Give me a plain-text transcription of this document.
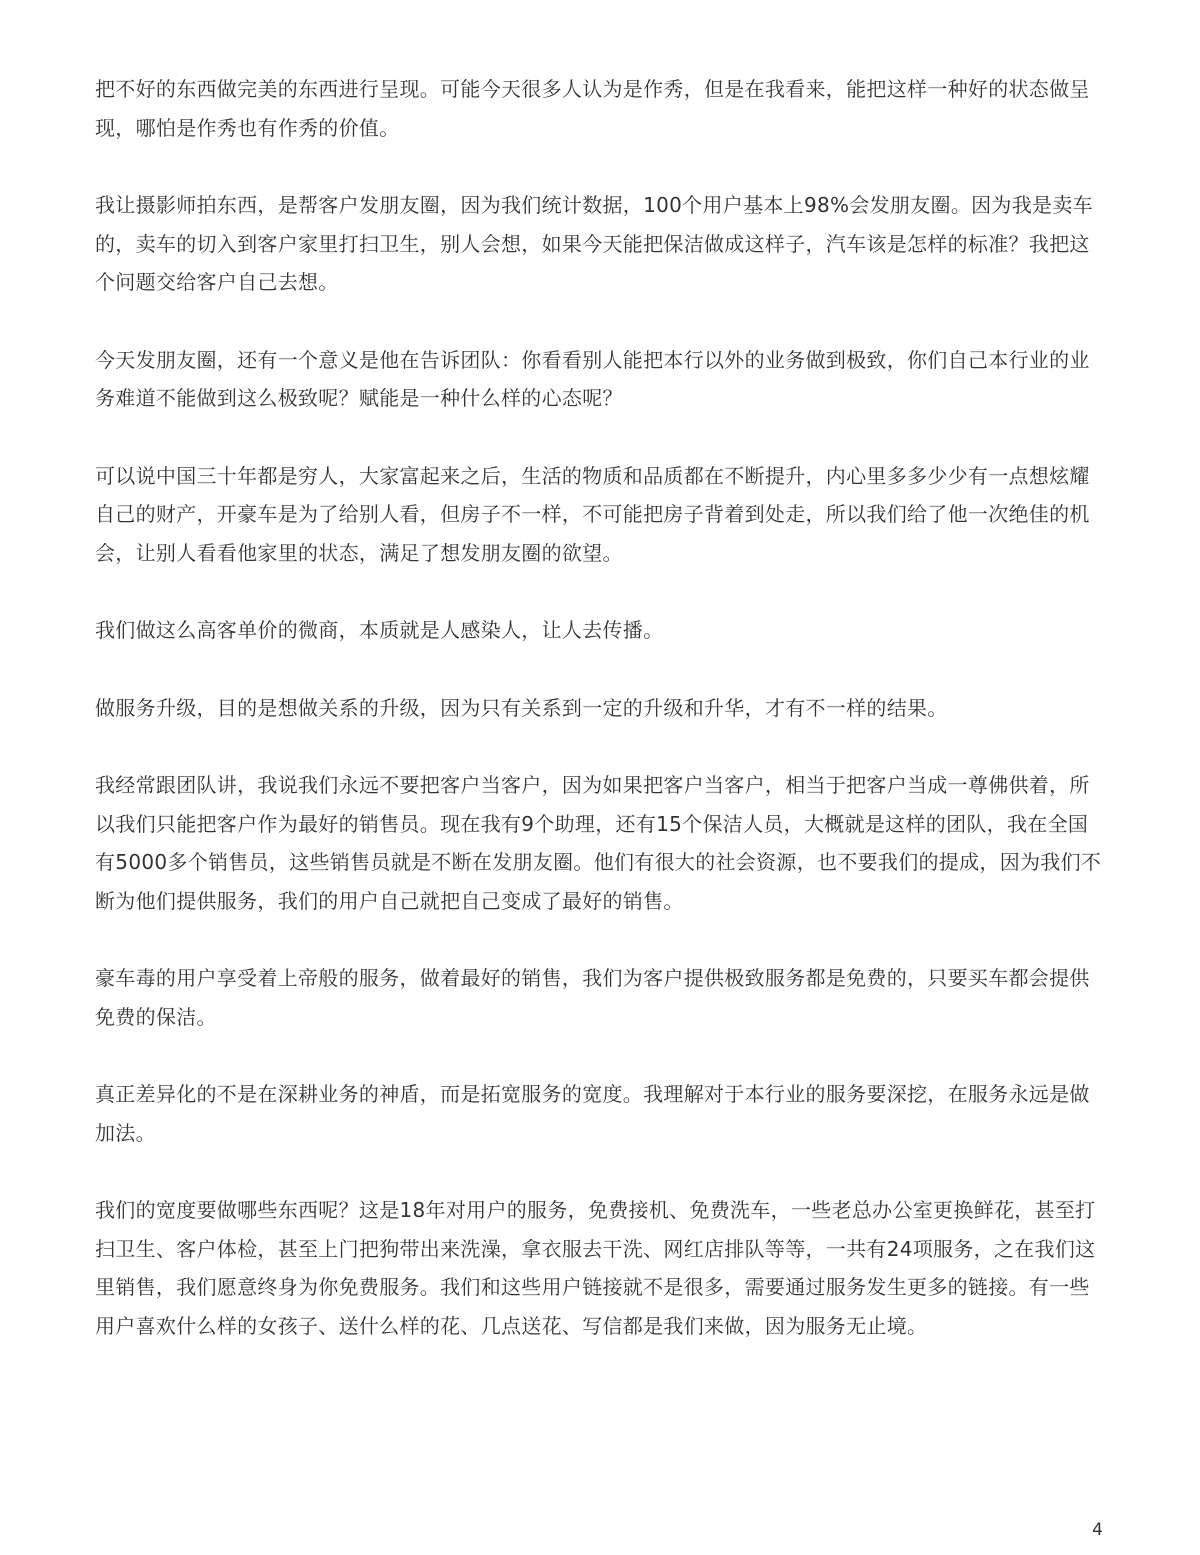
把不好的东西做完美的东西进行呈现。可能今天很多人认为是作秀，但是在我看来，能把这样一种好的状态做呈现，哪怕是作秀也有作秀的价值。

我让摄影师拍东西，是帮客户发朋友圈，因为我们统计数据，100个用户基本上98%会发朋友圈。因为我是卖车的，卖车的切入到客户家里打扫卫生，别人会想，如果今天能把保洁做成这样子，汽车该是怎样的标准？我把这个问题交给客户自己去想。

今天发朋友圈，还有一个意义是他在告诉团队：你看看别人能把本行以外的业务做到极致，你们自己本行业的业务难道不能做到这么极致呢？赋能是一种什么样的心态呢？

可以说中国三十年都是穷人，大家富起来之后，生活的物质和品质都在不断提升，内心里多多少少有一点想炫耀自己的财产，开豪车是为了给别人看，但房子不一样，不可能把房子背着到处走，所以我们给了他一次绝佳的机会，让别人看看他家里的状态，满足了想发朋友圈的欲望。

我们做这么高客单价的微商，本质就是人感染人，让人去传播。

做服务升级，目的是想做关系的升级，因为只有关系到一定的升级和升华，才有不一样的结果。

我经常跟团队讲，我说我们永远不要把客户当客户，因为如果把客户当客户，相当于把客户当成一尊佛供着，所以我们只能把客户作为最好的销售员。现在我有9个助理，还有15个保洁人员，大概就是这样的团队，我在全国有5000多个销售员，这些销售员就是不断在发朋友圈。他们有很大的社会资源，也不要我们的提成，因为我们不断为他们提供服务，我们的用户自己就把自己变成了最好的销售。

豪车毒的用户享受着上帝般的服务，做着最好的销售，我们为客户提供极致服务都是免费的，只要买车都会提供免费的保洁。

真正差异化的不是在深耕业务的神盾，而是拓宽服务的宽度。我理解对于本行业的服务要深挖，在服务永远是做加法。

我们的宽度要做哪些东西呢？这是18年对用户的服务，免费接机、免费洗车，一些老总办公室更换鲜花，甚至打扫卫生、客户体检，甚至上门把狗带出来洗澡，拿衣服去干洗、网红店排队等等，一共有24项服务，之在我们这里销售，我们愿意终身为你免费服务。我们和这些用户链接就不是很多，需要通过服务发生更多的链接。有一些用户喜欢什么样的女孩子、送什么样的花、几点送花、写信都是我们来做，因为服务无止境。

4
